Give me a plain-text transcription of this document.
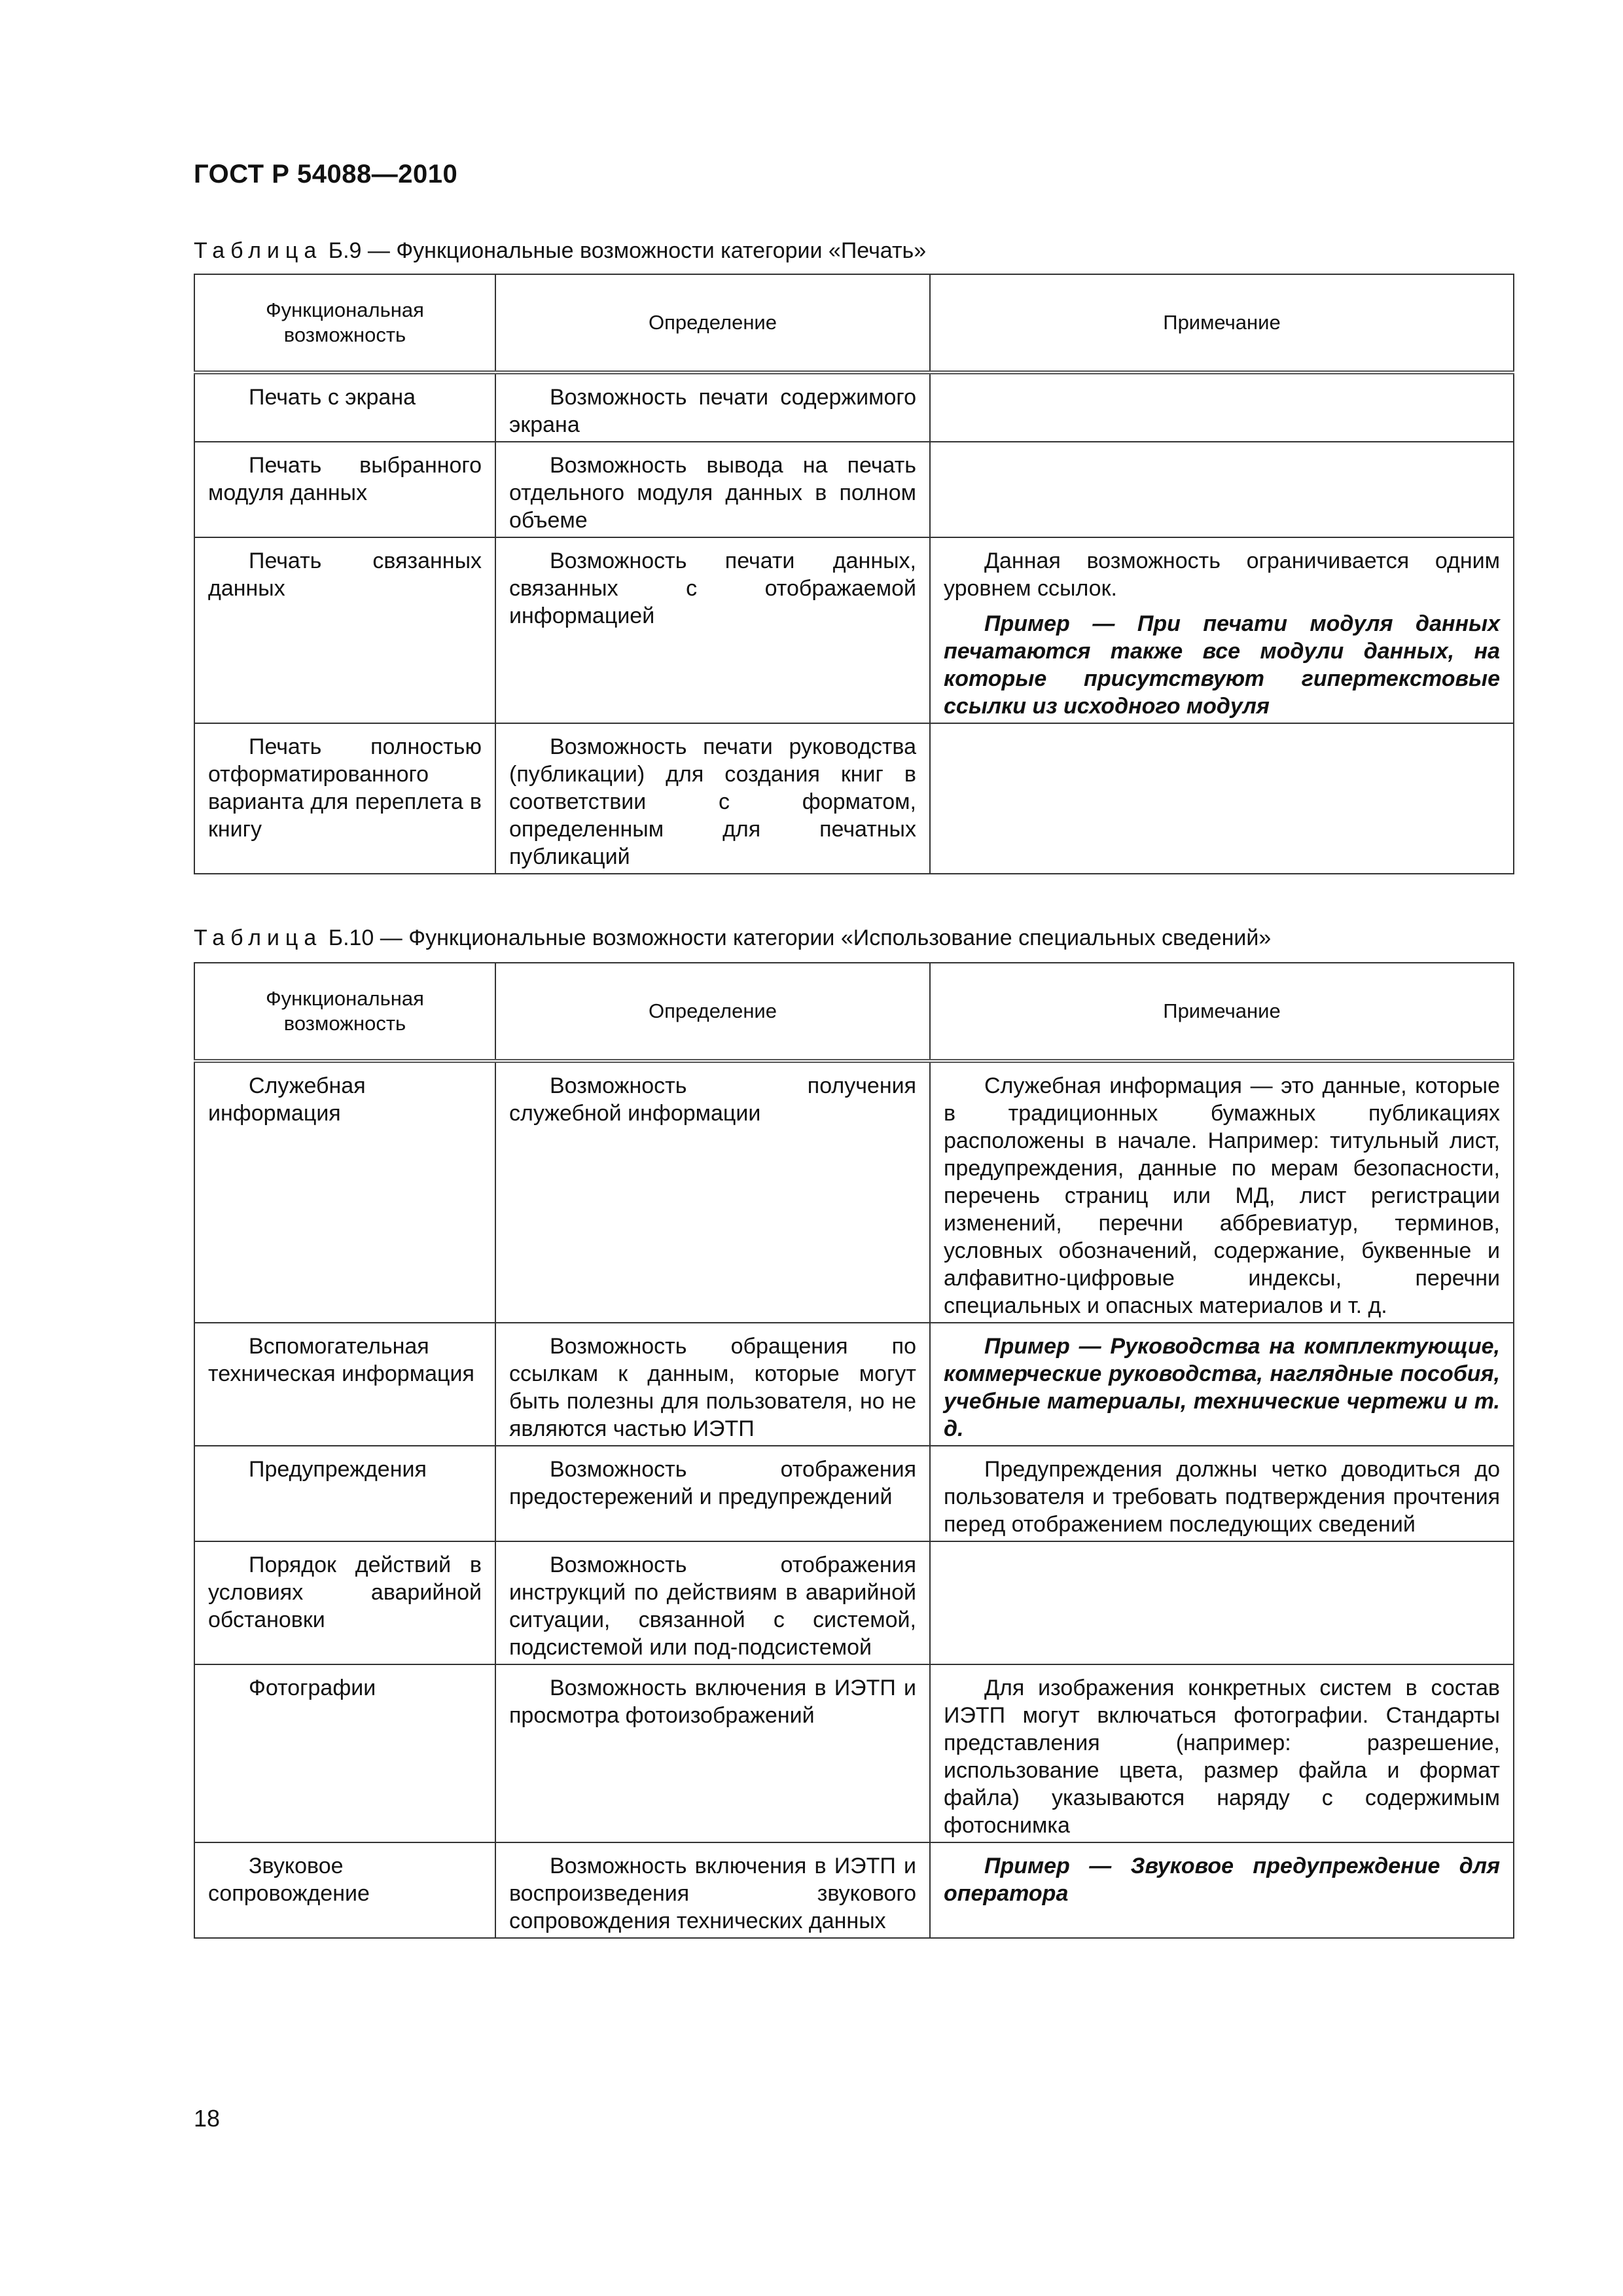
ГОСТ Р 54088—2010
Таблица Б.9 — Функциональные возможности категории «Печать»
Функциональная возможность	Определение	Примечание

Печать с экрана	Возможность печати содержимого экрана	

Печать выбранного модуля данных	Возможность вывода на печать отдельного модуля данных в полном объеме	

Печать связанных данных	Возможность печати данных, связанных с отображаемой информацией	Данная возможность ограничивается одним уровнем ссылок.
Пример — При печати модуля данных печатаются также все модули данных, на которые присутствуют гипертекстовые ссылки из исходного модуля

Печать полностью отформатированного варианта для переплета в книгу	Возможность печати руководства (публикации) для создания книг в соответствии с форматом, определенным для печатных публикаций	

Таблица Б.10 — Функциональные возможности категории «Использование специальных сведений»
Функциональная возможность	Определение	Примечание

Служебная информация	Возможность получения служебной информации	Служебная информация — это данные, которые в традиционных бумажных публикациях расположены в начале. Например: титульный лист, предупреждения, данные по мерам безопасности, перечень страниц или МД, лист регистрации изменений, перечни аббревиатур, терминов, условных обозначений, содержание, буквенные и алфавитно-цифровые индексы, перечни специальных и опасных материалов и т. д.

Вспомогательная техническая информация	Возможность обращения по ссылкам к данным, которые могут быть полезны для пользователя, но не являются частью ИЭТП	Пример — Руководства на комплектующие, коммерческие руководства, наглядные пособия, учебные материалы, технические чертежи и т. д.

Предупреждения	Возможность отображения предостережений и предупреждений	Предупреждения должны четко доводиться до пользователя и требовать подтверждения прочтения перед отображением последующих сведений

Порядок действий в условиях аварийной обстановки	Возможность отображения инструкций по действиям в аварийной ситуации, связанной с системой, подсистемой или под-подсистемой	

Фотографии	Возможность включения в ИЭТП и просмотра фотоизображений	Для изображения конкретных систем в состав ИЭТП могут включаться фотографии. Стандарты представления (например: разрешение, использование цвета, размер файла и формат файла) указываются наряду с содержимым фотоснимка

Звуковое сопровождение	Возможность включения в ИЭТП и воспроизведения звукового сопровождения технических данных	Пример — Звуковое предупреждение для оператора
18
